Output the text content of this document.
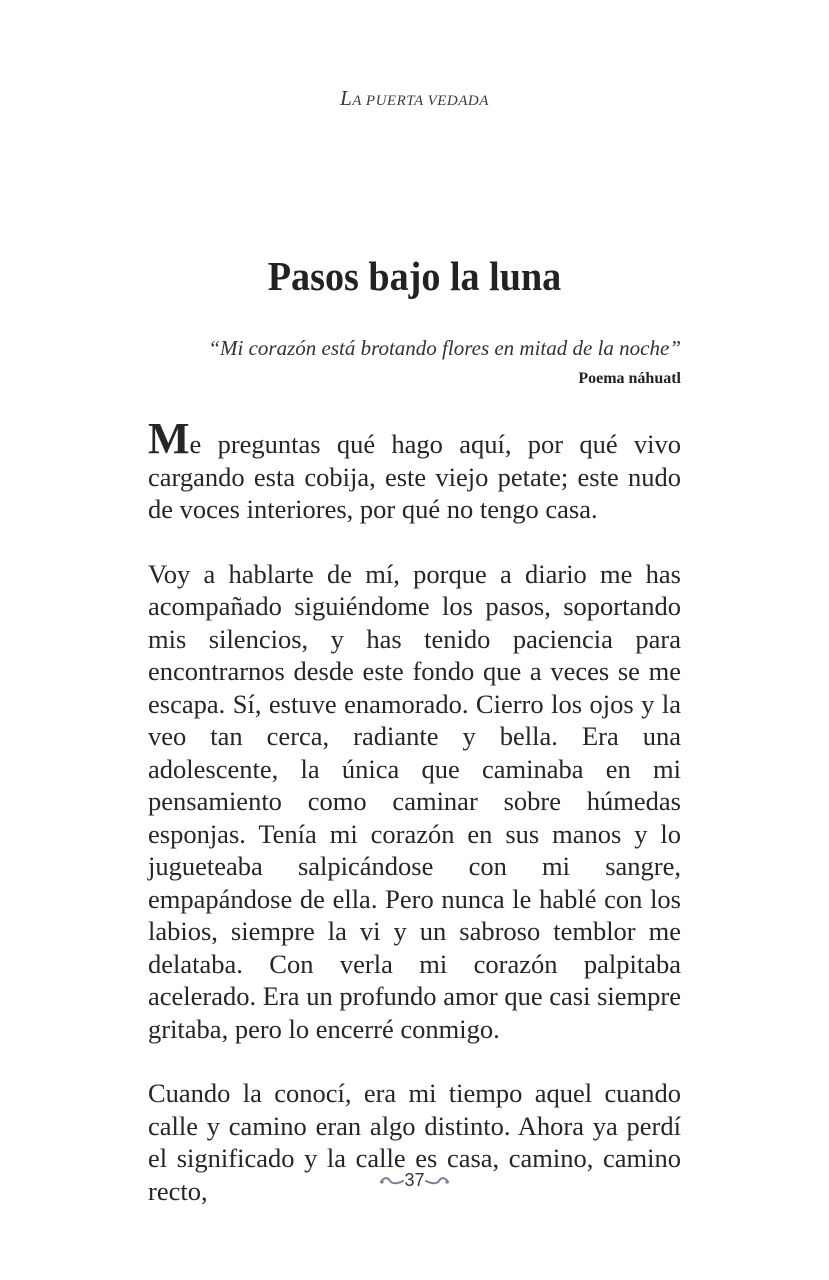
LA PUERTA VEDADA
Pasos bajo la luna
“Mi corazón está brotando flores en mitad de la noche”
Poema náhuatl

Me preguntas qué hago aquí, por qué vivo cargando esta cobija, este viejo petate; este nudo de voces interiores, por qué no tengo casa.

Voy a hablarte de mí, porque a diario me has acompañado siguiéndome los pasos, soportando mis silencios, y has tenido paciencia para encontrarnos desde este fondo que a veces se me escapa. Sí, estuve enamorado. Cierro los ojos y la veo tan cerca, radiante y bella. Era una adolescente, la única que caminaba en mi pensamiento como caminar sobre húmedas esponjas. Tenía mi corazón en sus manos y lo jugueteaba salpicándose con mi sangre, empapándose de ella. Pero nunca le hablé con los labios, siempre la vi y un sabroso temblor me delataba. Con verla mi corazón palpitaba acelerado. Era un profundo amor que casi siempre gritaba, pero lo encerré conmigo.

Cuando la conocí, era mi tiempo aquel cuando calle y camino eran algo distinto. Ahora ya perdí el significado y la calle es casa, camino, camino recto,	37
